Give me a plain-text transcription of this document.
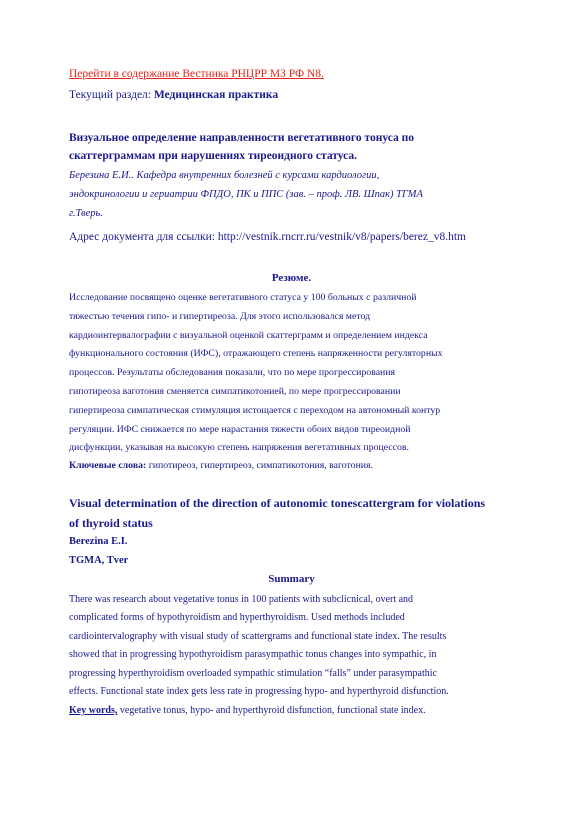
Перейти в содержание Вестника РНЦРР МЗ РФ N8.
Текущий раздел: Медицинская практика
Визуальное определение направленности вегетативного тонуса по
скаттерграммам при нарушениях тиреоидного статуса.
Березина Е.И.. Кафедра внутренних болезней с курсами кардиологии,
эндокринологии и гериатрии ФПДО, ПК и ППС (зав. – проф. ЛВ. Шпак) ТГМА
г.Тверь.
Адрес документа для ссылки: http://vestnik.rncrr.ru/vestnik/v8/papers/berez_v8.htm
Резюме.
Исследование посвящено оценке вегетативного статуса у 100 больных с различной
тяжестью течения гипо- и гипертиреоза. Для этого использовался метод
кардиоинтервалографии с визуальной оценкой скаттерграмм и определением индекса
функционального состояния (ИФС), отражающего степень напряженности регуляторных
процессов. Результаты обследования показали, что по мере прогрессирования
гипотиреоза ваготония сменяется симпатикотонией, по мере прогрессировании
гипертиреоза симпатическая стимуляция истощается с переходом на автономный контур
регуляции. ИФС снижается по мере нарастания тяжести обоих видов тиреоидной
дисфункции, указывая на высокую степень напряжения вегетативных процессов.
Ключевые слова: гипотиреоз, гипертиреоз, симпатикотония, ваготония.
Visual determination of the direction of autonomic tonescattergram for violations
of thyroid status
Berezina E.I.
TGMA, Tver
Summary
There was research about vegetative tonus in 100 patients with subclicnical, overt and
complicated forms of hypothyroidism and hyperthyroidism. Used methods included
cardiointervalography with visual study of scattergrams and functional state index. The results
showed that in progressing hypothyroidism parasympathic tonus changes into sympathic, in
progressing hyperthyroidism overloaded sympathic stimulation “falls” under parasympathic
effects. Functional state index gets less rate in progressing hypo- and hyperthyroid disfunction.
Key words, vegetative tonus, hypo- and hyperthyroid disfunction, functional state index.
